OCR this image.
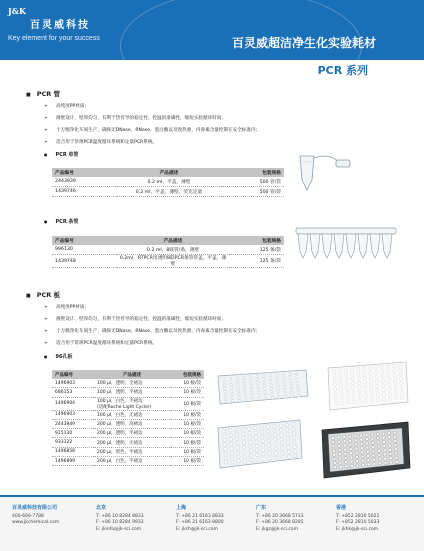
J&K
百灵威科技
Key element for your success	百灵威超洁净生化实验耗材
PCR 系列
■ PCR 管
➢ 高纯度PP材质；
➢ 薄壁设计、壁厚均匀，有利于热传导的稳定性、控温的准确性，缩短实验循环时间；
➢ 十万级净化车间生产，确保无DNase、RNase、蛋白酶以及致热源，内毒素含量控制在安全标准内；
➢ 适合用于常规PCR温度循环系统和定量PCR系统。
● PCR 单管
产品编号	产品描述	包装规格
2443939	0.2 ml，平盖，薄壁	500 管/袋
1439746	0.2 ml，平盖，薄壁，荧光定量	500 管/袋
● PCR 条管
产品编号	产品描述	包装规格
996130	0.2 ml，8联管/条，薄壁	125 条/袋
1439748	0.2ml，RTPCR用透明8联PCR条管管盖，平盖，薄壁	125 条/袋
■ PCR 板
➢ 高纯度PP材质；
➢ 薄壁设计、壁厚均匀，有利于热传导的稳定性、控温的准确性，缩短实验循环时间；
➢ 十万级净化车间生产，确保无DNase、RNase、蛋白酶以及致热源，内毒素含量控制在安全标准内；
➢ 适合用于常规PCR温度循环系统和定量PCR系统。
● 96孔板
产品编号	产品描述	包装规格
1496903	100 μl，透明，全裙边	10 板/袋
686153	100 μl，透明，半裙边	10 板/袋
1496904	100 μl，白色，半裙边
(适配Roche Light Cycler)	10 板/袋
1496903	100 μl，白色，无裙边	10 板/袋
2443949	200 μl，透明，高裙边	10 板/袋
915130	200 μl，透明，半裙边	10 板/袋
933122	200 μl，透明，无裙边	10 板/袋
1496858	200 μl，黑色，半裙边	10 板/袋
1496899	200 μl，白色，半裙边	10 板/袋
百灵威科技有限公司
400-666-7788
www.jkchemical.com
北京
T: +86 10 8284 8833
F: +86 10 8284 9933
E: jkinfo@jk-sci.com
上海
T: +86 21 6163 8833
F: +86 21 6163 8800
E: jksh@jk-sci.com
广东
T: +86 20 3668 5733
F: +86 20 3668 8285
E: jkgz@jk-sci.com
香港
T: +852 2810 5022
F: +852 2810 5033
E: jkhk@jk-sci.com
